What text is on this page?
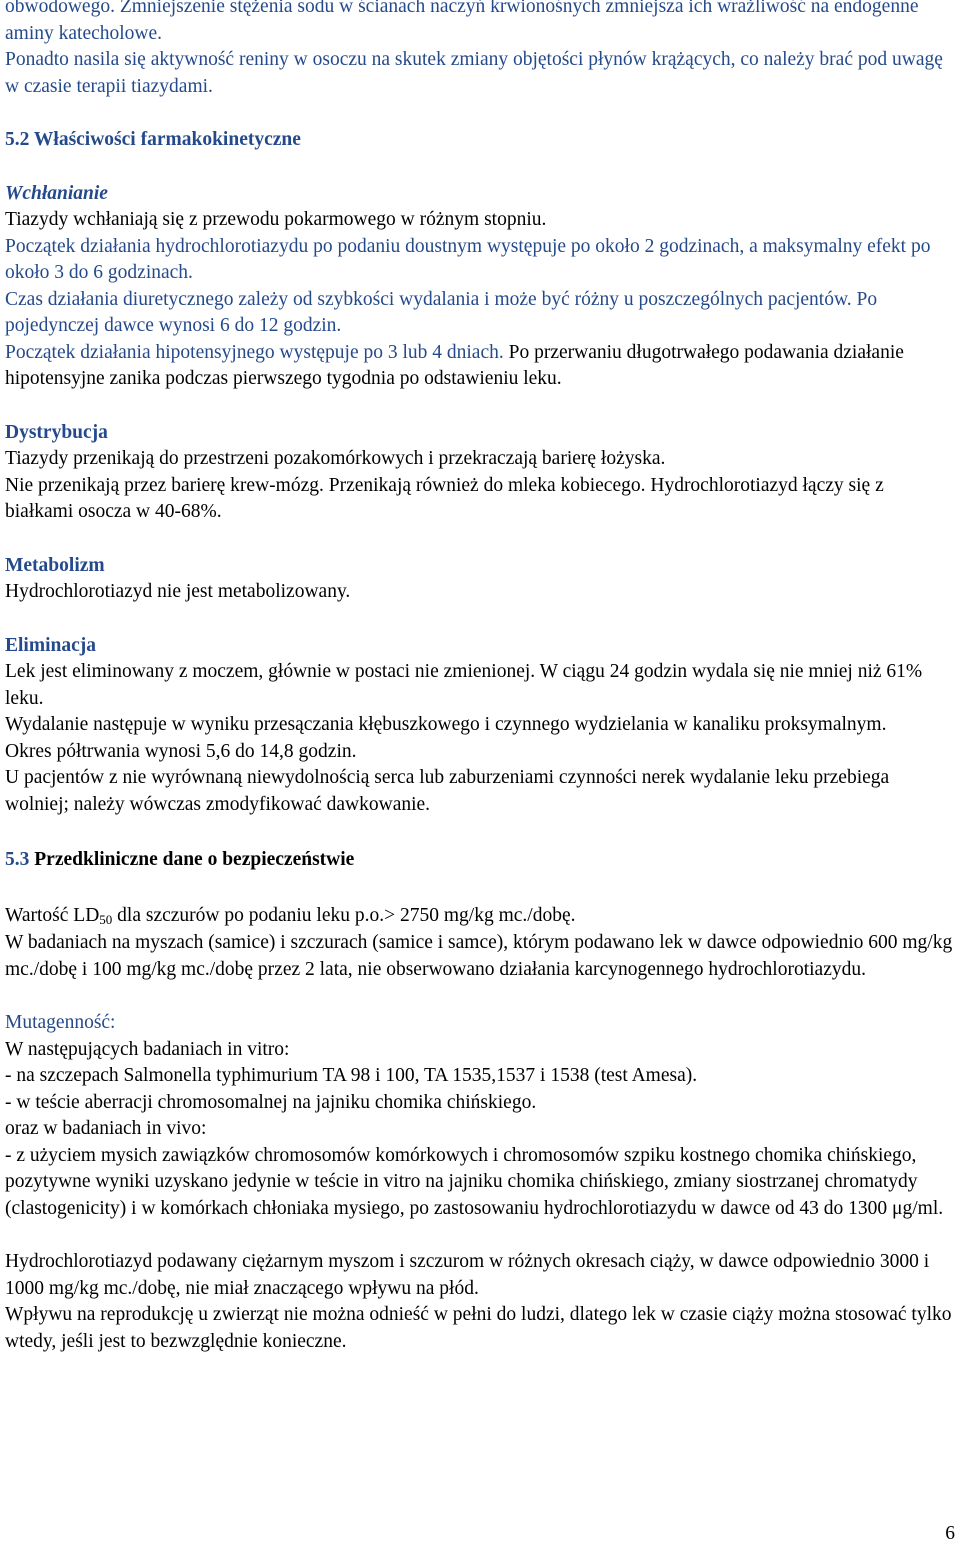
obwodowego. Zmniejszenie stężenia sodu w ścianach naczyń krwionośnych zmniejsza ich wrażliwość na endogenne aminy katecholowe.

Ponadto nasila się aktywność reniny w osoczu na skutek zmiany objętości płynów krążących, co należy brać pod uwagę w czasie terapii tiazydami.

5.2 Właściwości farmakokinetyczne
Wchłanianie

Tiazydy wchłaniają się z przewodu pokarmowego w różnym stopniu.

Początek działania hydrochlorotiazydu po podaniu doustnym występuje po około 2 godzinach, a maksymalny efekt po około 3 do 6 godzinach.

Czas działania diuretycznego zależy od szybkości wydalania i może być różny u poszczególnych pacjentów. Po pojedynczej dawce wynosi 6 do 12 godzin.

Początek działania hipotensyjnego występuje po 3 lub 4 dniach. Po przerwaniu długotrwałego podawania działanie hipotensyjne zanika podczas pierwszego tygodnia po odstawieniu leku.

Dystrybucja

Tiazydy przenikają do przestrzeni pozakomórkowych i przekraczają barierę łożyska.

Nie przenikają przez barierę krew-mózg. Przenikają również do mleka kobiecego. Hydrochlorotiazyd łączy się z białkami osocza w 40-68%.

Metabolizm

Hydrochlorotiazyd nie jest metabolizowany.

Eliminacja

Lek jest eliminowany z moczem, głównie w postaci nie zmienionej. W ciągu 24 godzin wydala się nie mniej niż 61% leku.

Wydalanie następuje w wyniku przesączania kłębuszkowego i czynnego wydzielania w kanaliku proksymalnym.

Okres półtrwania wynosi 5,6 do 14,8 godzin.

U pacjentów z nie wyrównaną niewydolnością serca lub zaburzeniami czynności nerek wydalanie leku przebiega wolniej; należy wówczas zmodyfikować dawkowanie.

5.3 Przedkliniczne dane o bezpieczeństwie

Wartość $LD_{50}$ dla szczurów po podaniu leku p.o.> 2750 mg/kg mc./dobę.

W badaniach na myszach (samice) i szczurach (samice i samce), którym podawano lek w dawce odpowiednio 600 mg/kg mc./dobę i 100 mg/kg mc./dobę przez 2 lata, nie obserwowano działania karcynogennego hydrochlorotiazydu.

Mutagenność:

W następujących badaniach in vitro:

- na szczepach Salmonella typhimurium TA 98 i 100, TA 1535,1537 i 1538 (test Amesa).

- w teście aberracji chromosomalnej na jajniku chomika chińskiego.

oraz w badaniach in vivo:

- z użyciem mysich zawiązków chromosomów komórkowych i chromosomów szpiku kostnego chomika chińskiego, pozytywne wyniki uzyskano jedynie w teście in vitro na jajniku chomika chińskiego, zmiany siostrzanej chromatydy (clastogenicity) i w komórkach chłoniaka mysiego, po zastosowaniu hydrochlorotiazydu w dawce od 43 do 1300 μg/ml.

Hydrochlorotiazyd podawany ciężarnym myszom i szczurom w różnych okresach ciąży, w dawce odpowiednio 3000 i 1000 mg/kg mc./dobę, nie miał znaczącego wpływu na płód.

Wpływu na reprodukcję u zwierząt nie można odnieść w pełni do ludzi, dlatego lek w czasie ciąży można stosować tylko wtedy, jeśli jest to bezwzględnie konieczne.

6
